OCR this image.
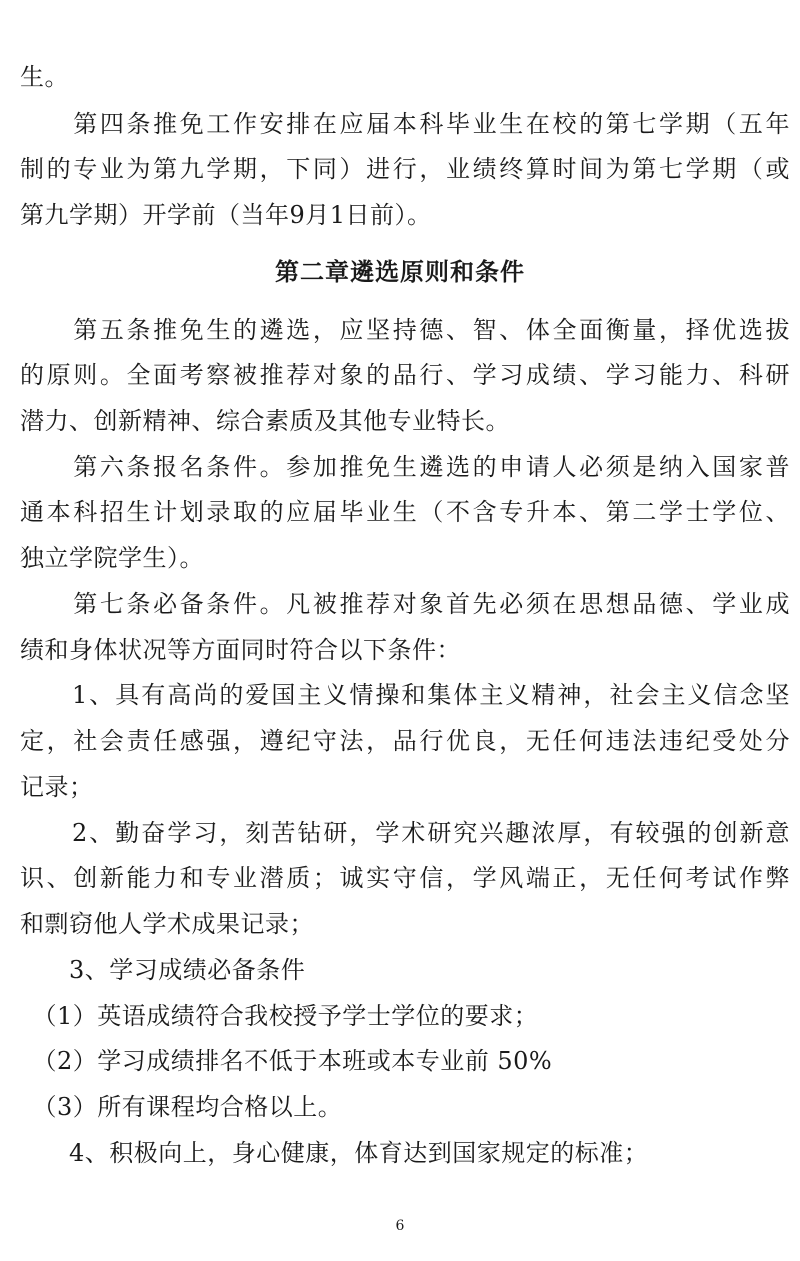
生。
　　第四条推免工作安排在应届本科毕业生在校的第七学期（五年
制的专业为第九学期，下同）进行，业绩终算时间为第七学期（或
第九学期）开学前（当年9月1日前）。
第二章遴选原则和条件
　　第五条推免生的遴选，应坚持德、智、体全面衡量，择优选拔
的原则。全面考察被推荐对象的品行、学习成绩、学习能力、科研
潜力、创新精神、综合素质及其他专业特长。
　　第六条报名条件。参加推免生遴选的申请人必须是纳入国家普
通本科招生计划录取的应届毕业生（不含专升本、第二学士学位、
独立学院学生）。
　　第七条必备条件。凡被推荐对象首先必须在思想品德、学业成
绩和身体状况等方面同时符合以下条件：
　　1、具有高尚的爱国主义情操和集体主义精神，社会主义信念坚
定，社会责任感强，遵纪守法，品行优良，无任何违法违纪受处分
记录；
　　2、勤奋学习，刻苦钻研，学术研究兴趣浓厚，有较强的创新意
识、创新能力和专业潜质；诚实守信，学风端正，无任何考试作弊
和剽窃他人学术成果记录；
　　3、学习成绩必备条件
　（1）英语成绩符合我校授予学士学位的要求；
　（2）学习成绩排名不低于本班或本专业前 50%
　（3）所有课程均合格以上。
　　4、积极向上，身心健康，体育达到国家规定的标准；
6
